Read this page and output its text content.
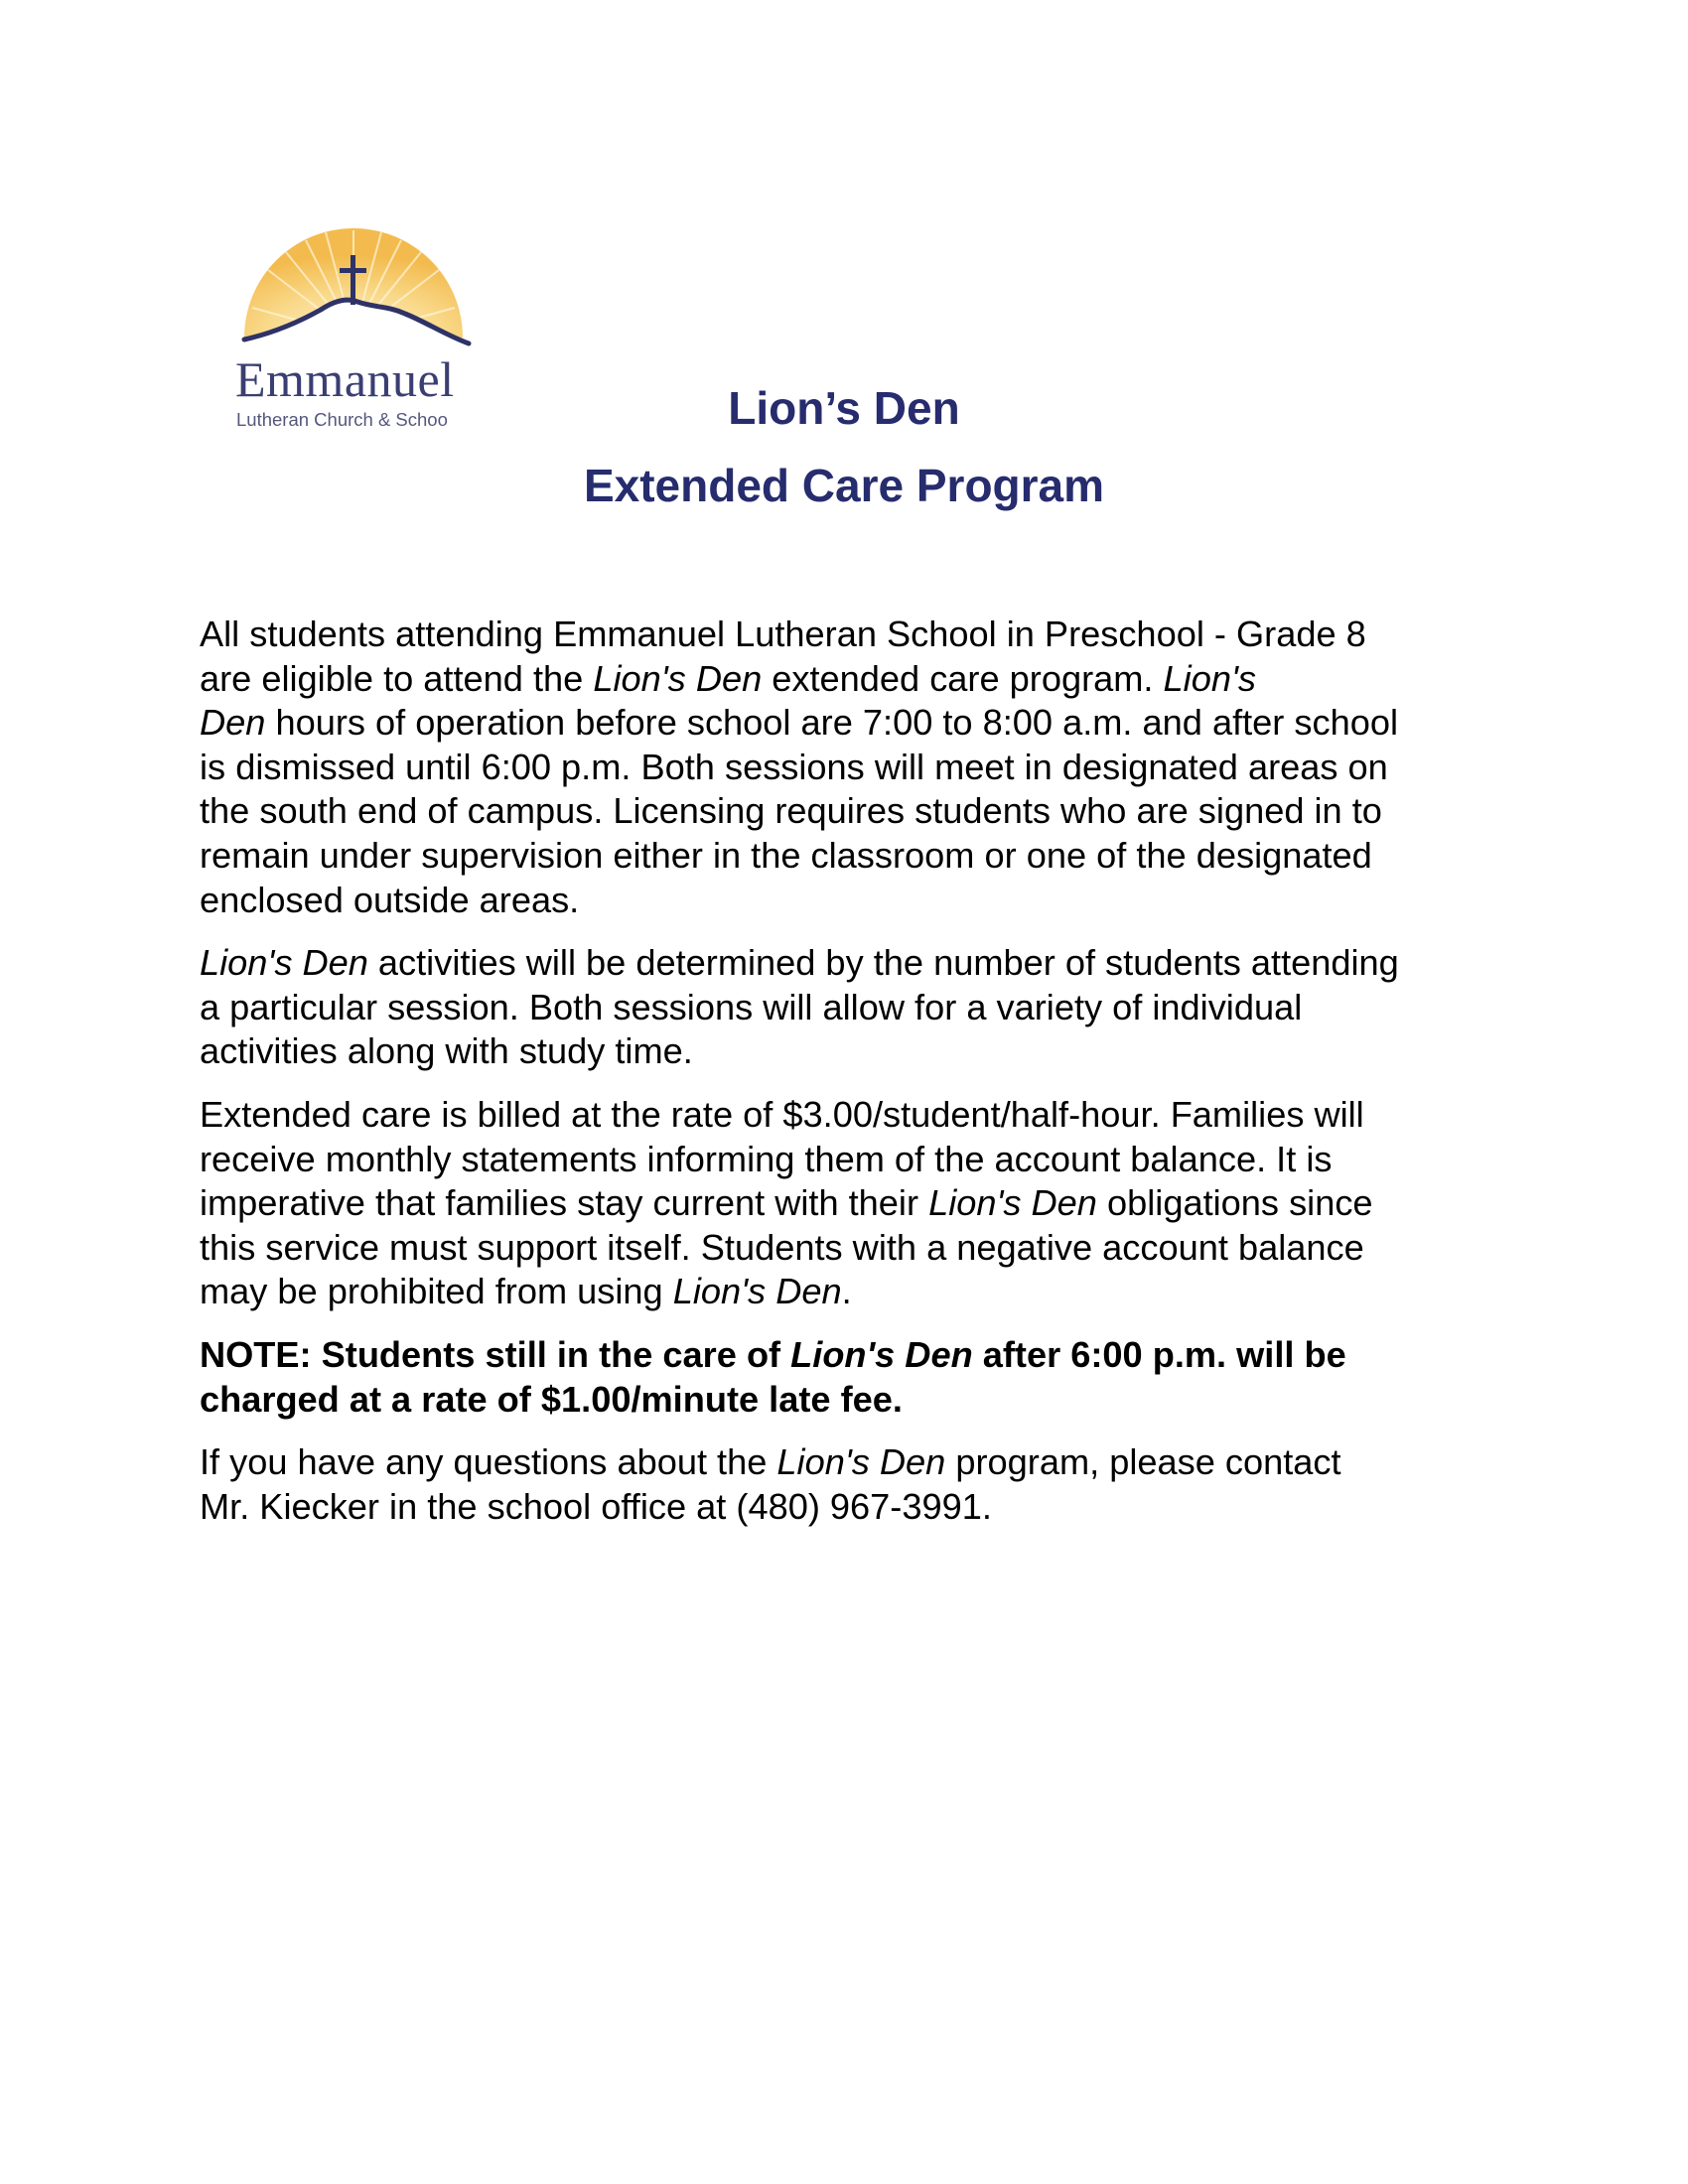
Emmanuel
Lutheran Church & Schoo	Lion’s Den
Extended Care Program

All students attending Emmanuel Lutheran School in Preschool - Grade 8
are eligible to attend the Lion's Den extended care program. Lion's
Den hours of operation before school are 7:00 to 8:00 a.m. and after school
is dismissed until 6:00 p.m. Both sessions will meet in designated areas on
the south end of campus. Licensing requires students who are signed in to
remain under supervision either in the classroom or one of the designated
enclosed outside areas.

Lion's Den activities will be determined by the number of students attending
a particular session. Both sessions will allow for a variety of individual
activities along with study time.

Extended care is billed at the rate of $3.00/student/half-hour. Families will
receive monthly statements informing them of the account balance. It is
imperative that families stay current with their Lion's Den obligations since
this service must support itself. Students with a negative account balance
may be prohibited from using Lion's Den.

NOTE: Students still in the care of Lion's Den after 6:00 p.m. will be
charged at a rate of $1.00/minute late fee.

If you have any questions about the Lion's Den program, please contact
Mr. Kiecker in the school office at (480) 967-3991.
